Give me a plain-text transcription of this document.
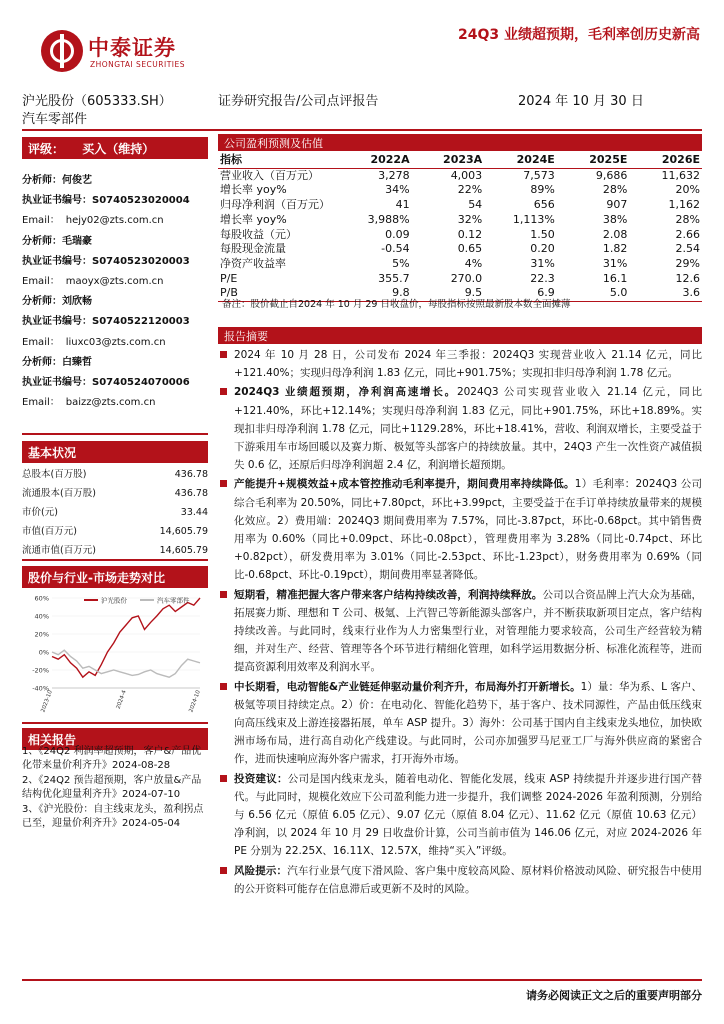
中泰证券
ZHONGTAI SECURITIES
24Q3 业绩超预期，毛利率创历史新高
沪光股份（605333.SH）
汽车零部件
证券研究报告/公司点评报告	2024 年 10 月 30 日
评级： 买入（维持）
分析师：何俊艺
执业证书编号：S0740523020004
Email： hejy02@zts.com.cn
分析师：毛瑞豪
执业证书编号：S0740523020003
Email： maoyx@zts.com.cn
分析师：刘欣畅
执业证书编号：S0740522120003
Email： liuxc03@zts.com.cn
分析师：白臻哲
执业证书编号：S0740524070006
Email： baizz@zts.com.cn
基本状况
总股本(百万股)	436.78
流通股本(百万股)	436.78
市价(元)	33.44
市值(百万元)	14,605.79
流通市值(百万元)	14,605.79
股价与行业-市场走势对比
60%
40%
20%
0%
-20%
-40%
2023-10	2024-4	2024-10
沪光股份	汽车零部件
相关报告
1、《24Q2 利润率超预期，客户&产品优化带来量价利齐升》2024-08-28
2、《24Q2 预告超预期，客户放量&产品结构优化迎量利齐升》2024-07-10
3、《沪光股份：自主线束龙头，盈利拐点已至，迎量价利齐升》2024-05-04
公司盈利预测及估值
指标	2022A	2023A	2024E	2025E	2026E
营业收入（百万元）	3,278	4,003	7,573	9,686	11,632
增长率 yoy%	34%	22%	89%	28%	20%
归母净利润（百万元）	41	54	656	907	1,162
增长率 yoy%	3,988%	32%	1,113%	38%	28%
每股收益（元）	0.09	0.12	1.50	2.08	2.66
每股现金流量	-0.54	0.65	0.20	1.82	2.54
净资产收益率	5%	4%	31%	31%	29%
P/E	355.7	270.0	22.3	16.1	12.6
P/B	9.8	9.5	6.9	5.0	3.6
备注：股价截止自2024 年 10 月 29 日收盘价，每股指标按照最新股本数全面摊薄
报告摘要
2024 年 10 月 28 日，公司发布 2024 年三季报：2024Q3 实现营业收入 21.14 亿元，同比+121.40%；实现归母净利润 1.83 亿元，同比+901.75%；实现扣非归母净利润 1.78 亿元。
2024Q3 业绩超预期，净利润高速增长。2024Q3 公司实现营业收入 21.14 亿元，同比+121.40%，环比+12.14%；实现归母净利润 1.83 亿元，同比+901.75%，环比+18.89%。实现扣非归母净利润 1.78 亿元，同比+1129.28%，环比+18.41%，营收、利润双增长，主要受益于下游乘用车市场回暖以及赛力斯、极氪等头部客户的持续放量。其中，24Q3 产生一次性资产减值损失 0.6 亿，还原后归母净利润超 2.4 亿，利润增长超预期。
产能提升+规模效益+成本管控推动毛利率提升，期间费用率持续降低。1）毛利率：2024Q3 公司综合毛利率为 20.50%，同比+7.80pct，环比+3.99pct，主要受益于在手订单持续放量带来的规模化效应。2）费用端：2024Q3 期间费用率为 7.57%，同比-3.87pct，环比-0.68pct。其中销售费用率为 0.60%（同比+0.09pct、环比-0.08pct），管理费用率为 3.28%（同比-0.74pct、环比+0.82pct），研发费用率为 3.01%（同比-2.53pct、环比-1.23pct），财务费用率为 0.69%（同比-0.68pct、环比-0.19pct），期间费用率显著降低。
短期看，精准把握大客户带来客户结构持续改善，利润持续释放。公司以合资品牌上汽大众为基础，拓展赛力斯、理想和 T 公司、极氪、上汽智己等新能源头部客户，并不断获取新项目定点，客户结构持续改善。与此同时，线束行业作为人力密集型行业，对管理能力要求较高，公司生产经营较为精细，并对生产、经营、管理等各个环节进行精细化管理，如科学运用数据分析、标准化流程等，进而提高资源利用效率及利润水平。
中长期看，电动智能&产业链延伸驱动量价利齐升，布局海外打开新增长。1）量：华为系、L 客户、极氪等项目持续定点。2）价：在电动化、智能化趋势下，基于客户、技术同源性，产品由低压线束向高压线束及上游连接器拓展，单车 ASP 提升。3）海外：公司基于国内自主线束龙头地位，加快欧洲市场布局，进行高自动化产线建设。与此同时，公司亦加强罗马尼亚工厂与海外供应商的紧密合作，进而快速响应海外客户需求，打开海外市场。
投资建议：公司是国内线束龙头，随着电动化、智能化发展，线束 ASP 持续提升并逐步进行国产替代。与此同时，规模化效应下公司盈利能力进一步提升，我们调整 2024-2026 年盈利预测，分别给与 6.56 亿元（原值 6.05 亿元）、9.07 亿元（原值 8.04 亿元）、11.62 亿元（原值 10.63 亿元）净利润，以 2024 年 10 月 29 日收盘价计算，公司当前市值为 146.06 亿元，对应 2024-2026 年 PE 分别为 22.25X、16.11X、12.57X，维持“买入”评级。
风险提示：汽车行业景气度下滑风险、客户集中度较高风险、原材料价格波动风险、研究报告中使用的公开资料可能存在信息滞后或更新不及时的风险。
请务必阅读正文之后的重要声明部分
